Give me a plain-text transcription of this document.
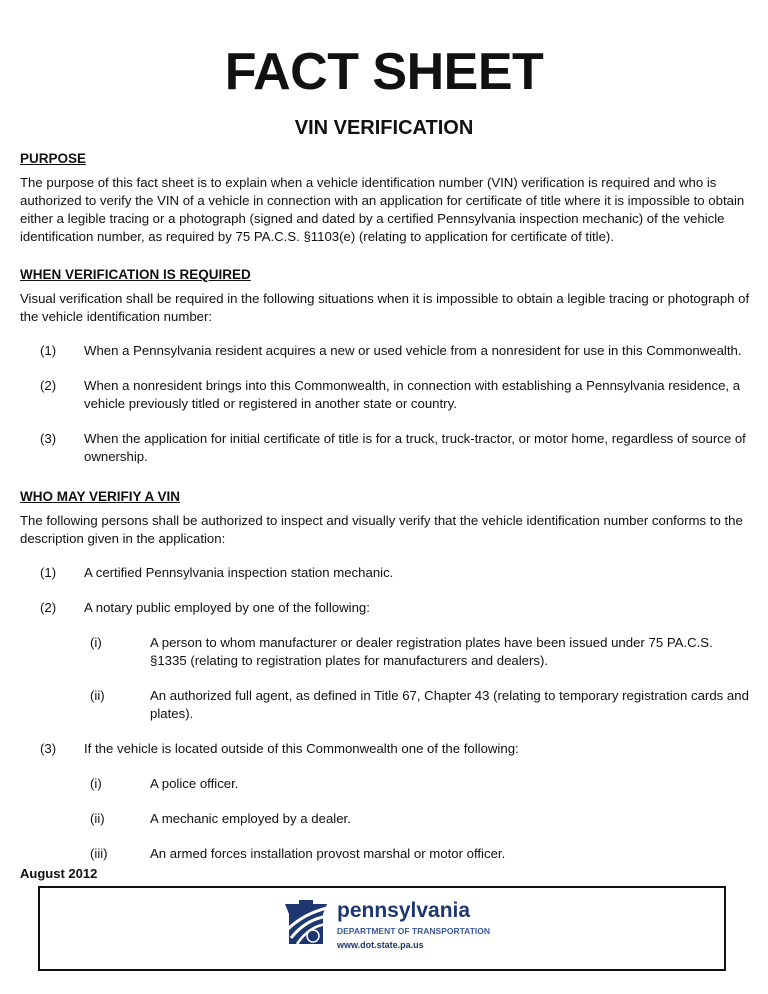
FACT SHEET
VIN VERIFICATION
PURPOSE

The purpose of this fact sheet is to explain when a vehicle identification number (VIN) verification is required and who is authorized to verify the VIN of a vehicle in connection with an application for certificate of title where it is impossible to obtain either a legible tracing or a photograph (signed and dated by a certified Pennsylvania inspection mechanic) of the vehicle identification number, as required by 75 PA.C.S. §1103(e) (relating to application for certificate of title).

WHEN VERIFICATION IS REQUIRED

Visual verification shall be required in the following situations when it is impossible to obtain a legible tracing or photograph of the vehicle identification number:

(1)	When a Pennsylvania resident acquires a new or used vehicle from a nonresident for use in this Commonwealth.
(2)	When a nonresident brings into this Commonwealth, in connection with establishing a Pennsylvania residence, a vehicle previously titled or registered in another state or country.
(3)	When the application for initial certificate of title is for a truck, truck-tractor, or motor home, regardless of source of ownership.
WHO MAY VERIFIY A VIN

The following persons shall be authorized to inspect and visually verify that the vehicle identification number conforms to the description given in the application:

(1)	A certified Pennsylvania inspection station mechanic.
(2)	A notary public employed by one of the following:
(i)	A person to whom manufacturer or dealer registration plates have been issued under 75 PA.C.S. §1335 (relating to registration plates for manufacturers and dealers).
(ii)	An authorized full agent, as defined in Title 67, Chapter 43 (relating to temporary registration cards and plates).
(3)	If the vehicle is located outside of this Commonwealth one of the following:
(i)	A police officer.
(ii)	A mechanic employed by a dealer.
(iii)	An armed forces installation provost marshal or motor officer.
August 2012
pennsylvania
DEPARTMENT OF TRANSPORTATION
www.dot.state.pa.us
